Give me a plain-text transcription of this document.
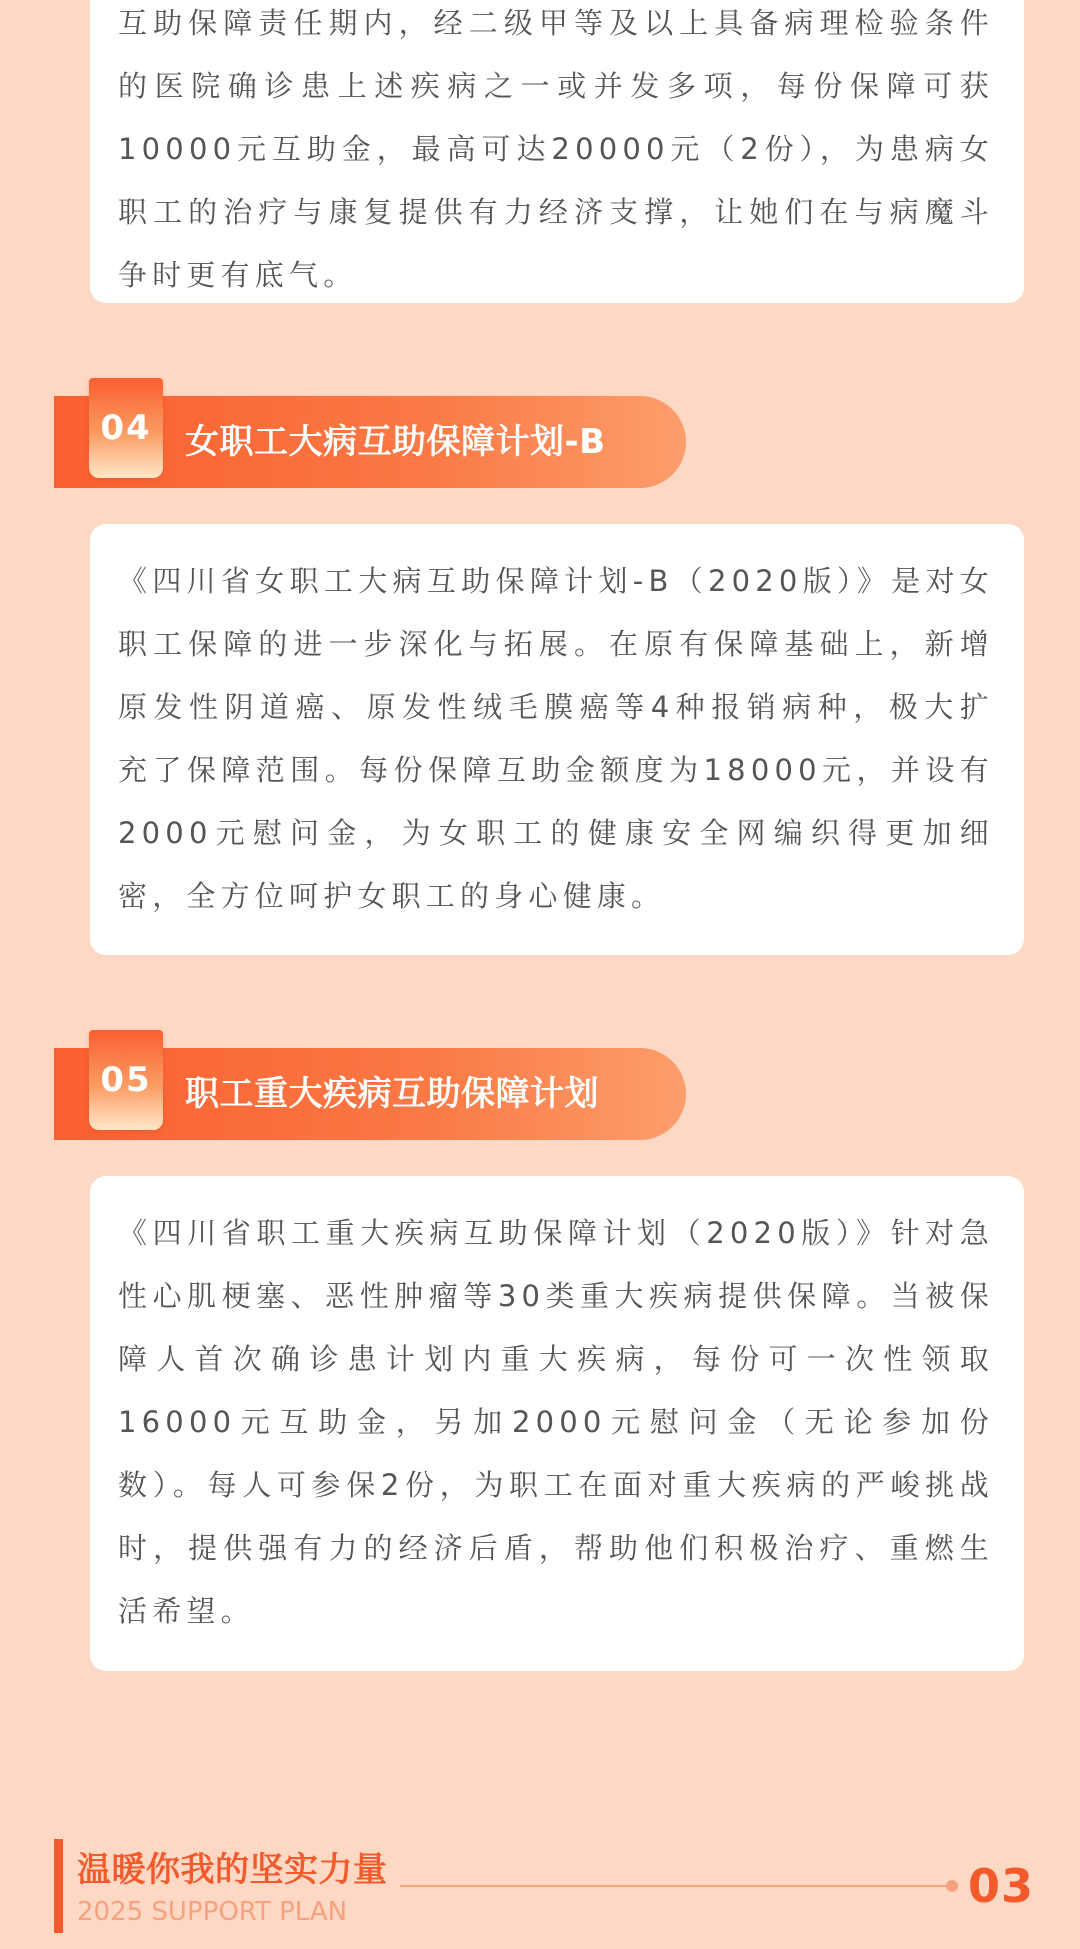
互助保障责任期内，经二级甲等及以上具备病理检验条件的医院确诊患上述疾病之一或并发多项，每份保障可获10000元互助金，最高可达20000元（2份），为患病女职工的治疗与康复提供有力经济支撑，让她们在与病魔斗争时更有底气。

04 女职工大病互助保障计划-B

《四川省女职工大病互助保障计划-B（2020版）》是对女职工保障的进一步深化与拓展。在原有保障基础上，新增原发性阴道癌、原发性绒毛膜癌等4种报销病种，极大扩充了保障范围。每份保障互助金额度为18000元，并设有2000元慰问金，为女职工的健康安全网编织得更加细密，全方位呵护女职工的身心健康。

05 职工重大疾病互助保障计划

《四川省职工重大疾病互助保障计划（2020版）》针对急性心肌梗塞、恶性肿瘤等30类重大疾病提供保障。当被保障人首次确诊患计划内重大疾病，每份可一次性领取16000元互助金，另加2000元慰问金（无论参加份数）。每人可参保2份，为职工在面对重大疾病的严峻挑战时，提供强有力的经济后盾，帮助他们积极治疗、重燃生活希望。

温暖你我的坚实力量
2025 SUPPORT PLAN	03
